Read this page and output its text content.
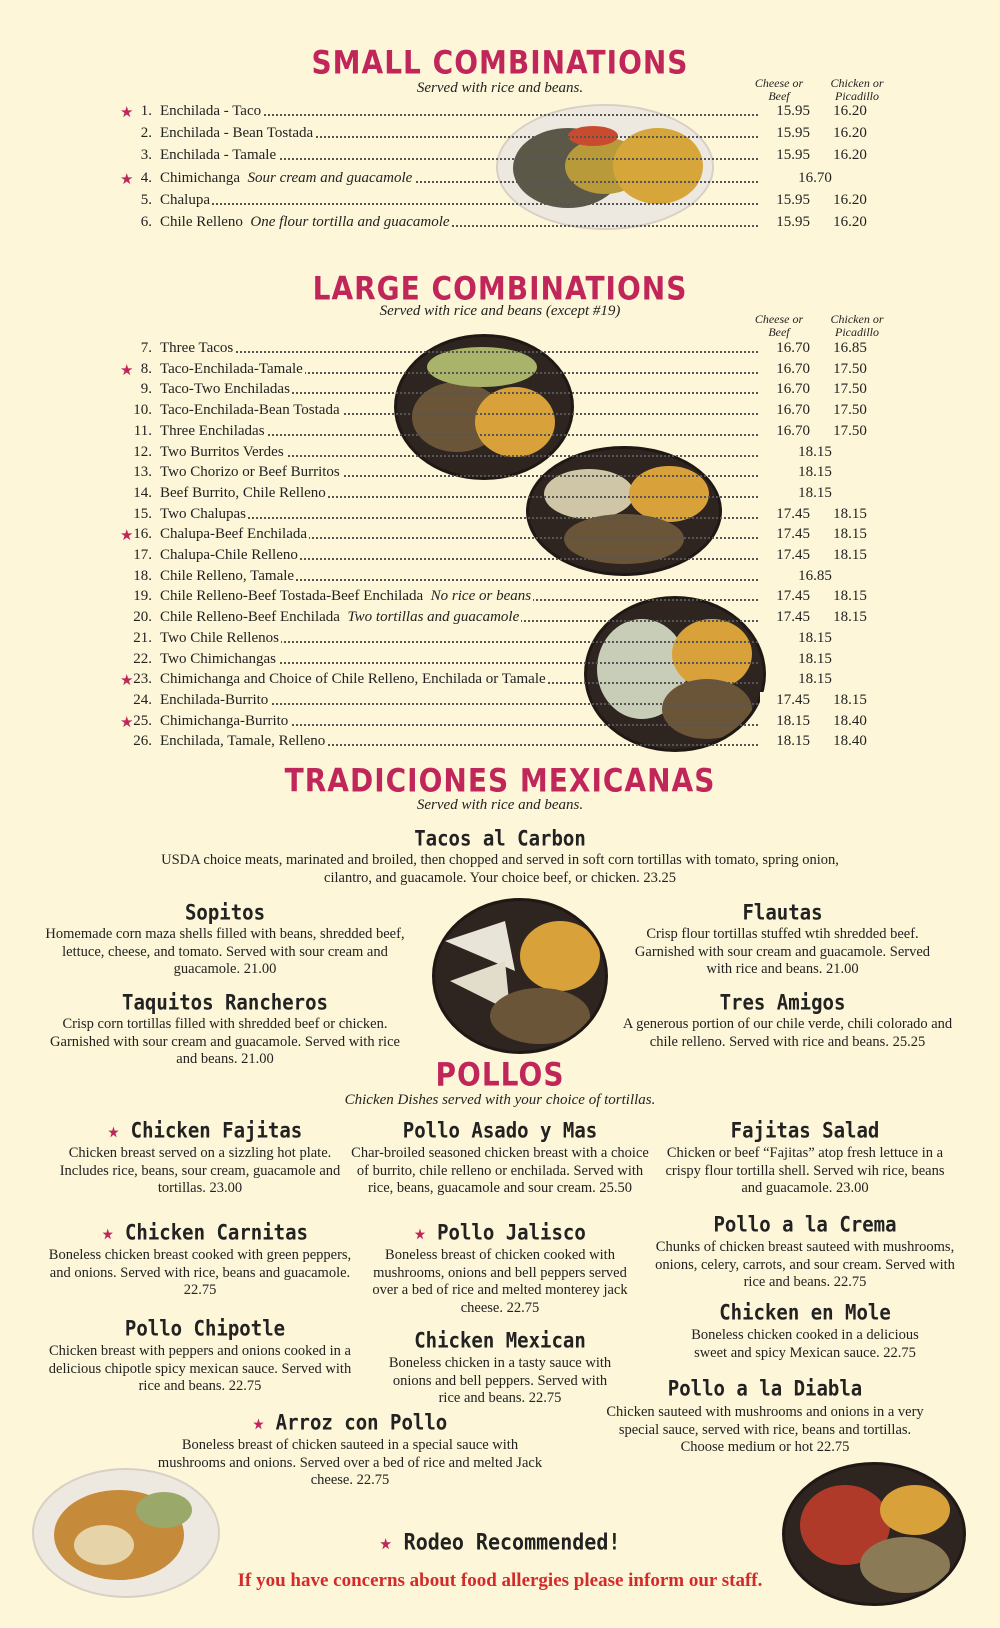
SMALL COMBINATIONS
Served with rice and beans.	Cheese or
Beef
Chicken or
Picadillo
★ 1. Enchilada - Taco	15.95	16.20
2. Enchilada - Bean Tostada	15.95	16.20
3. Enchilada - Tamale	15.95	16.20
★ 4. Chimichanga Sour cream and guacamole	16.70
5. Chalupa	15.95	16.20
6. Chile Relleno One flour tortilla and guacamole	15.95	16.20
LARGE COMBINATIONS
Served with rice and beans (except #19)	Cheese or
Beef
Chicken or
Picadillo
7. Three Tacos	16.70	16.85
★ 8. Taco-Enchilada-Tamale	16.70	17.50
9. Taco-Two Enchiladas	16.70	17.50
10. Taco-Enchilada-Bean Tostada	16.70	17.50
11. Three Enchiladas	16.70	17.50
12. Two Burritos Verdes	18.15
13. Two Chorizo or Beef Burritos	18.15
14. Beef Burrito, Chile Relleno	18.15
15. Two Chalupas	17.45	18.15
★ 16. Chalupa-Beef Enchilada	17.45	18.15
17. Chalupa-Chile Relleno	17.45	18.15
18. Chile Relleno, Tamale	16.85
19. Chile Relleno-Beef Tostada-Beef Enchilada No rice or beans	17.45	18.15
20. Chile Relleno-Beef Enchilada Two tortillas and guacamole	17.45	18.15
21. Two Chile Rellenos	18.15
22. Two Chimichangas	18.15
★ 23. Chimichanga and Choice of Chile Relleno, Enchilada or Tamale	18.15
24. Enchilada-Burrito	17.45	18.15
★ 25. Chimichanga-Burrito	18.15	18.40
26. Enchilada, Tamale, Relleno	18.15	18.40
TRADICIONES MEXICANAS
Served with rice and beans.
Tacos al Carbon
USDA choice meats, marinated and broiled, then chopped and served in soft corn tortillas with tomato, spring onion, cilantro, and guacamole. Your choice beef, or chicken. 23.25
Sopitos
Homemade corn maza shells filled with beans, shredded beef, lettuce, cheese, and tomato. Served with sour cream and guacamole. 21.00
Flautas
Crisp flour tortillas stuffed wtih shredded beef. Garnished with sour cream and guacamole. Served with rice and beans. 21.00
Taquitos Rancheros
Crisp corn tortillas filled with shredded beef or chicken. Garnished with sour cream and guacamole. Served with rice and beans. 21.00
Tres Amigos
A generous portion of our chile verde, chili colorado and chile relleno. Served with rice and beans. 25.25
POLLOS
Chicken Dishes served with your choice of tortillas.
★ Chicken Fajitas
Chicken breast served on a sizzling hot plate. Includes rice, beans, sour cream, guacamole and tortillas. 23.00
★ Chicken Carnitas
Boneless chicken breast cooked with green peppers, and onions. Served with rice, beans and guacamole. 22.75
Pollo Chipotle
Chicken breast with peppers and onions cooked in a delicious chipotle spicy mexican sauce. Served with rice and beans. 22.75
Pollo Asado y Mas
Char-broiled seasoned chicken breast with a choice of burrito, chile relleno or enchilada. Served with rice, beans, guacamole and sour cream. 25.50
★ Pollo Jalisco
Boneless breast of chicken cooked with mushrooms, onions and bell peppers served over a bed of rice and melted monterey jack cheese. 22.75
Chicken Mexican
Boneless chicken in a tasty sauce with onions and bell peppers. Served with rice and beans. 22.75
★ Arroz con Pollo
Boneless breast of chicken sauteed in a special sauce with mushrooms and onions. Served over a bed of rice and melted Jack cheese. 22.75
Fajitas Salad
Chicken or beef “Fajitas” atop fresh lettuce in a crispy flour tortilla shell. Served wih rice, beans and guacamole. 23.00
Pollo a la Crema
Chunks of chicken breast sauteed with mushrooms, onions, celery, carrots, and sour cream. Served with rice and beans. 22.75
Chicken en Mole
Boneless chicken cooked in a delicious sweet and spicy Mexican sauce. 22.75
Pollo a la Diabla
Chicken sauteed with mushrooms and onions in a very special sauce, served with rice, beans and tortillas. Choose medium or hot 22.75
★ Rodeo Recommended!
If you have concerns about food allergies please inform our staff.
